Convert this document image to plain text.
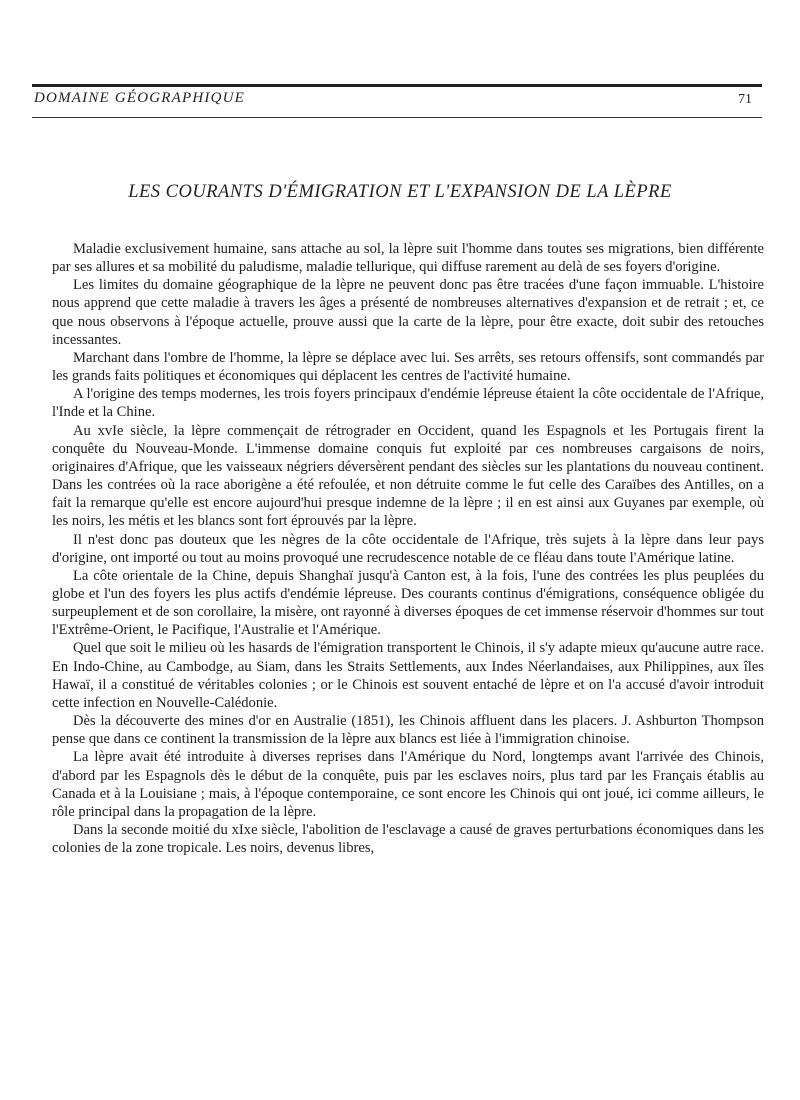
DOMAINE GÉOGRAPHIQUE	71
LES COURANTS D'ÉMIGRATION ET L'EXPANSION DE LA LÈPRE

Maladie exclusivement humaine, sans attache au sol, la lèpre suit l'homme dans toutes ses migrations, bien différente par ses allures et sa mobilité du paludisme, maladie tellurique, qui diffuse rarement au delà de ses foyers d'origine.

Les limites du domaine géographique de la lèpre ne peuvent donc pas être tracées d'une façon immuable. L'histoire nous apprend que cette maladie à travers les âges a présenté de nombreuses alternatives d'expansion et de retrait ; et, ce que nous observons à l'époque actuelle, prouve aussi que la carte de la lèpre, pour être exacte, doit subir des retouches incessantes.

Marchant dans l'ombre de l'homme, la lèpre se déplace avec lui. Ses arrêts, ses retours offensifs, sont commandés par les grands faits politiques et économiques qui déplacent les centres de l'activité humaine.

A l'origine des temps modernes, les trois foyers principaux d'endémie lépreuse étaient la côte occidentale de l'Afrique, l'Inde et la Chine.

Au xvIe siècle, la lèpre commençait de rétrograder en Occident, quand les Espagnols et les Portugais firent la conquête du Nouveau-Monde. L'immense domaine conquis fut exploité par ces nombreuses cargaisons de noirs, originaires d'Afrique, que les vaisseaux négriers déversèrent pendant des siècles sur les plantations du nouveau continent. Dans les contrées où la race aborigène a été refoulée, et non détruite comme le fut celle des Caraïbes des Antilles, on a fait la remarque qu'elle est encore aujourd'hui presque indemne de la lèpre ; il en est ainsi aux Guyanes par exemple, où les noirs, les métis et les blancs sont fort éprouvés par la lèpre.

Il n'est donc pas douteux que les nègres de la côte occidentale de l'Afrique, très sujets à la lèpre dans leur pays d'origine, ont importé ou tout au moins provoqué une recrudescence notable de ce fléau dans toute l'Amérique latine.

La côte orientale de la Chine, depuis Shanghaï jusqu'à Canton est, à la fois, l'une des contrées les plus peuplées du globe et l'un des foyers les plus actifs d'endémie lépreuse. Des courants continus d'émigrations, conséquence obligée du surpeuplement et de son corollaire, la misère, ont rayonné à diverses époques de cet immense réservoir d'hommes sur tout l'Extrême-Orient, le Pacifique, l'Australie et l'Amérique.

Quel que soit le milieu où les hasards de l'émigration transportent le Chinois, il s'y adapte mieux qu'aucune autre race. En Indo-Chine, au Cambodge, au Siam, dans les Straits Settlements, aux Indes Néerlandaises, aux Philippines, aux îles Hawaï, il a constitué de véritables colonies ; or le Chinois est souvent entaché de lèpre et on l'a accusé d'avoir introduit cette infection en Nouvelle-Calédonie.

Dès la découverte des mines d'or en Australie (1851), les Chinois affluent dans les placers. J. Ashburton Thompson pense que dans ce continent la transmission de la lèpre aux blancs est liée à l'immigration chinoise.

La lèpre avait été introduite à diverses reprises dans l'Amérique du Nord, longtemps avant l'arrivée des Chinois, d'abord par les Espagnols dès le début de la conquête, puis par les esclaves noirs, plus tard par les Français établis au Canada et à la Louisiane ; mais, à l'époque contemporaine, ce sont encore les Chinois qui ont joué, ici comme ailleurs, le rôle principal dans la propagation de la lèpre.

Dans la seconde moitié du xIxe siècle, l'abolition de l'esclavage a causé de graves perturbations économiques dans les colonies de la zone tropicale. Les noirs, devenus libres,
